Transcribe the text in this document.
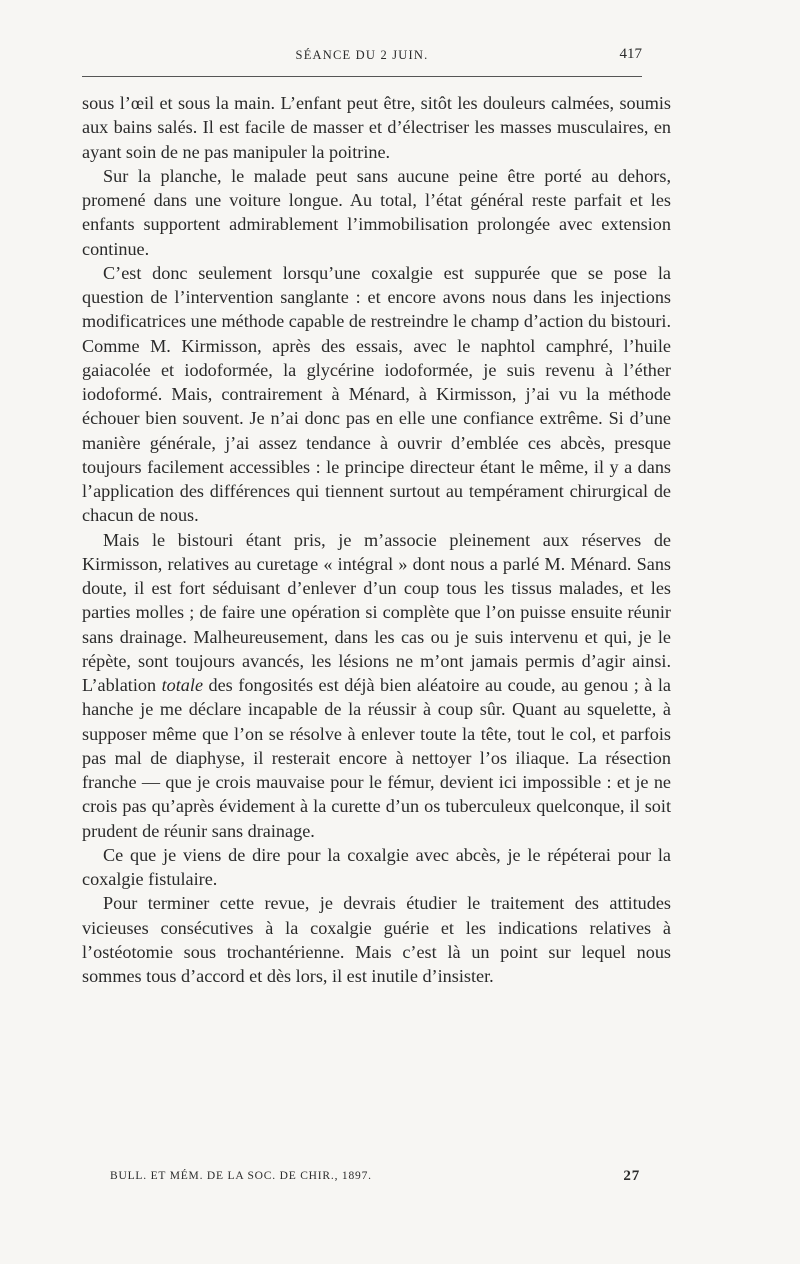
SÉANCE DU 2 JUIN.	417

sous l’œil et sous la main. L’enfant peut être, sitôt les douleurs calmées, soumis aux bains salés. Il est facile de masser et d’électriser les masses musculaires, en ayant soin de ne pas manipuler la poitrine.

Sur la planche, le malade peut sans aucune peine être porté au dehors, promené dans une voiture longue. Au total, l’état général reste parfait et les enfants supportent admirablement l’immobilisation prolongée avec extension continue.

C’est donc seulement lorsqu’une coxalgie est suppurée que se pose la question de l’intervention sanglante : et encore avons nous dans les injections modificatrices une méthode capable de restreindre le champ d’action du bistouri. Comme M. Kirmisson, après des essais, avec le naphtol camphré, l’huile gaiacolée et iodoformée, la glycérine iodoformée, je suis revenu à l’éther iodoformé. Mais, contrairement à Ménard, à Kirmisson, j’ai vu la méthode échouer bien souvent. Je n’ai donc pas en elle une confiance extrême. Si d’une manière générale, j’ai assez tendance à ouvrir d’emblée ces abcès, presque toujours facilement accessibles : le principe directeur étant le même, il y a dans l’application des différences qui tiennent surtout au tempérament chirurgical de chacun de nous.

Mais le bistouri étant pris, je m’associe pleinement aux réserves de Kirmisson, relatives au curetage « intégral » dont nous a parlé M. Ménard. Sans doute, il est fort séduisant d’enlever d’un coup tous les tissus malades, et les parties molles ; de faire une opération si complète que l’on puisse ensuite réunir sans drainage. Malheureusement, dans les cas ou je suis intervenu et qui, je le répète, sont toujours avancés, les lésions ne m’ont jamais permis d’agir ainsi. L’ablation totale des fongosités est déjà bien aléatoire au coude, au genou ; à la hanche je me déclare incapable de la réussir à coup sûr. Quant au squelette, à supposer même que l’on se résolve à enlever toute la tête, tout le col, et parfois pas mal de diaphyse, il resterait encore à nettoyer l’os iliaque. La résection franche — que je crois mauvaise pour le fémur, devient ici impossible : et je ne crois pas qu’après évidement à la curette d’un os tuberculeux quelconque, il soit prudent de réunir sans drainage.

Ce que je viens de dire pour la coxalgie avec abcès, je le répéterai pour la coxalgie fistulaire.

Pour terminer cette revue, je devrais étudier le traitement des attitudes vicieuses consécutives à la coxalgie guérie et les indications relatives à l’ostéotomie sous trochantérienne. Mais c’est là un point sur lequel nous sommes tous d’accord et dès lors, il est inutile d’insister.

BULL. ET MÉM. DE LA SOC. DE CHIR., 1897.	27
